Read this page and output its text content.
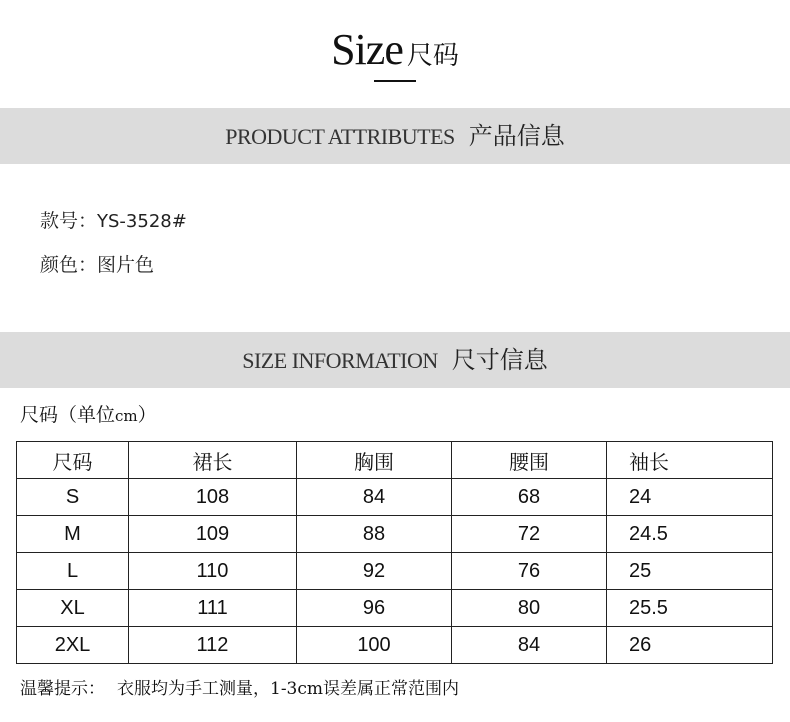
Size 尺码
PRODUCT ATTRIBUTES 产品信息
款号：YS-3528#
颜色：图片色
SIZE INFORMATION 尺寸信息
尺码（单位cm）
尺码	裙长	胸围	腰围	袖长
S	108	84	68	24
M	109	88	72	24.5
L	110	92	76	25
XL	111	96	80	25.5
2XL	112	100	84	26
温馨提示： 衣服均为手工测量，1-3cm误差属正常范围内
